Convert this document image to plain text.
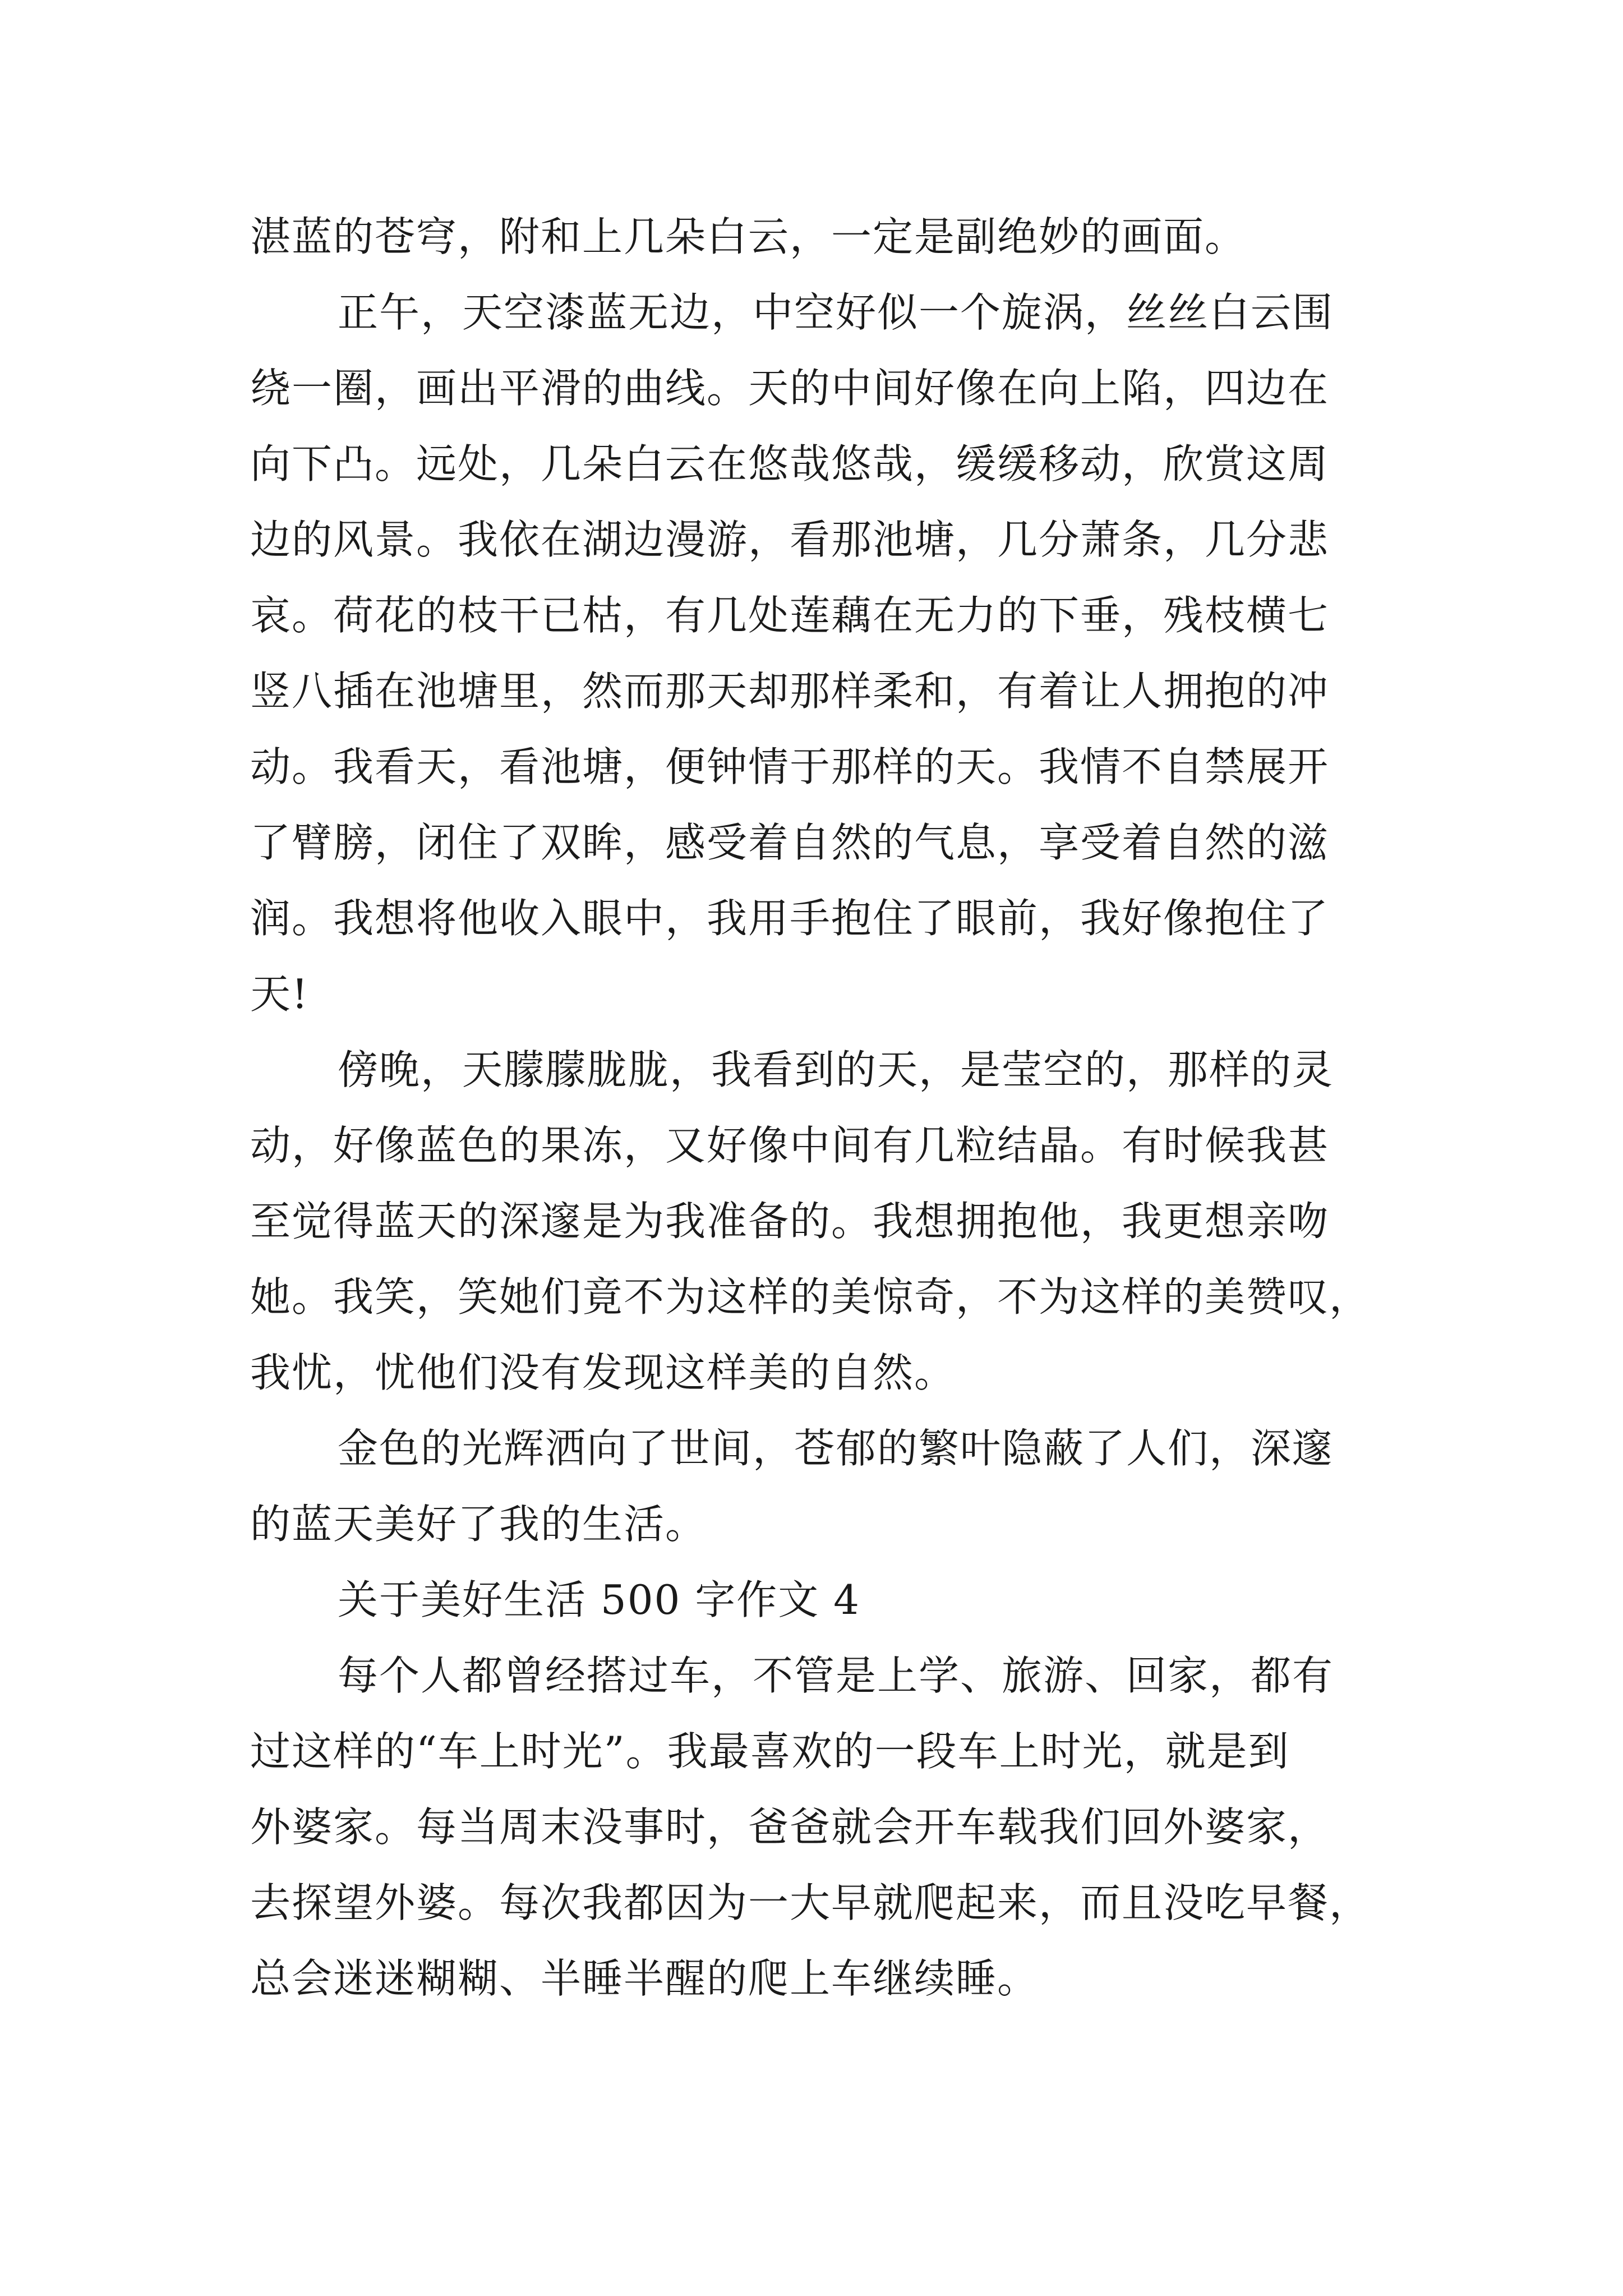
湛蓝的苍穹，附和上几朵白云，一定是副绝妙的画面。
正午，天空漆蓝无边，中空好似一个旋涡，丝丝白云围
绕一圈，画出平滑的曲线。天的中间好像在向上陷，四边在
向下凸。远处，几朵白云在悠哉悠哉，缓缓移动，欣赏这周
边的风景。我依在湖边漫游，看那池塘，几分萧条，几分悲
哀。荷花的枝干已枯，有几处莲藕在无力的下垂，残枝横七
竖八插在池塘里，然而那天却那样柔和，有着让人拥抱的冲
动。我看天，看池塘，便钟情于那样的天。我情不自禁展开
了臂膀，闭住了双眸，感受着自然的气息，享受着自然的滋
润。我想将他收入眼中，我用手抱住了眼前，我好像抱住了
天!
傍晚，天朦朦胧胧，我看到的天，是莹空的，那样的灵
动，好像蓝色的果冻，又好像中间有几粒结晶。有时候我甚
至觉得蓝天的深邃是为我准备的。我想拥抱他，我更想亲吻
她。我笑，笑她们竟不为这样的美惊奇，不为这样的美赞叹，
我忧，忧他们没有发现这样美的自然。
金色的光辉洒向了世间，苍郁的繁叶隐蔽了人们，深邃
的蓝天美好了我的生活。
关于美好生活 500 字作文 4
每个人都曾经搭过车，不管是上学、旅游、回家，都有
过这样的“车上时光”。我最喜欢的一段车上时光，就是到
外婆家。每当周末没事时，爸爸就会开车载我们回外婆家，
去探望外婆。每次我都因为一大早就爬起来，而且没吃早餐，
总会迷迷糊糊、半睡半醒的爬上车继续睡。
